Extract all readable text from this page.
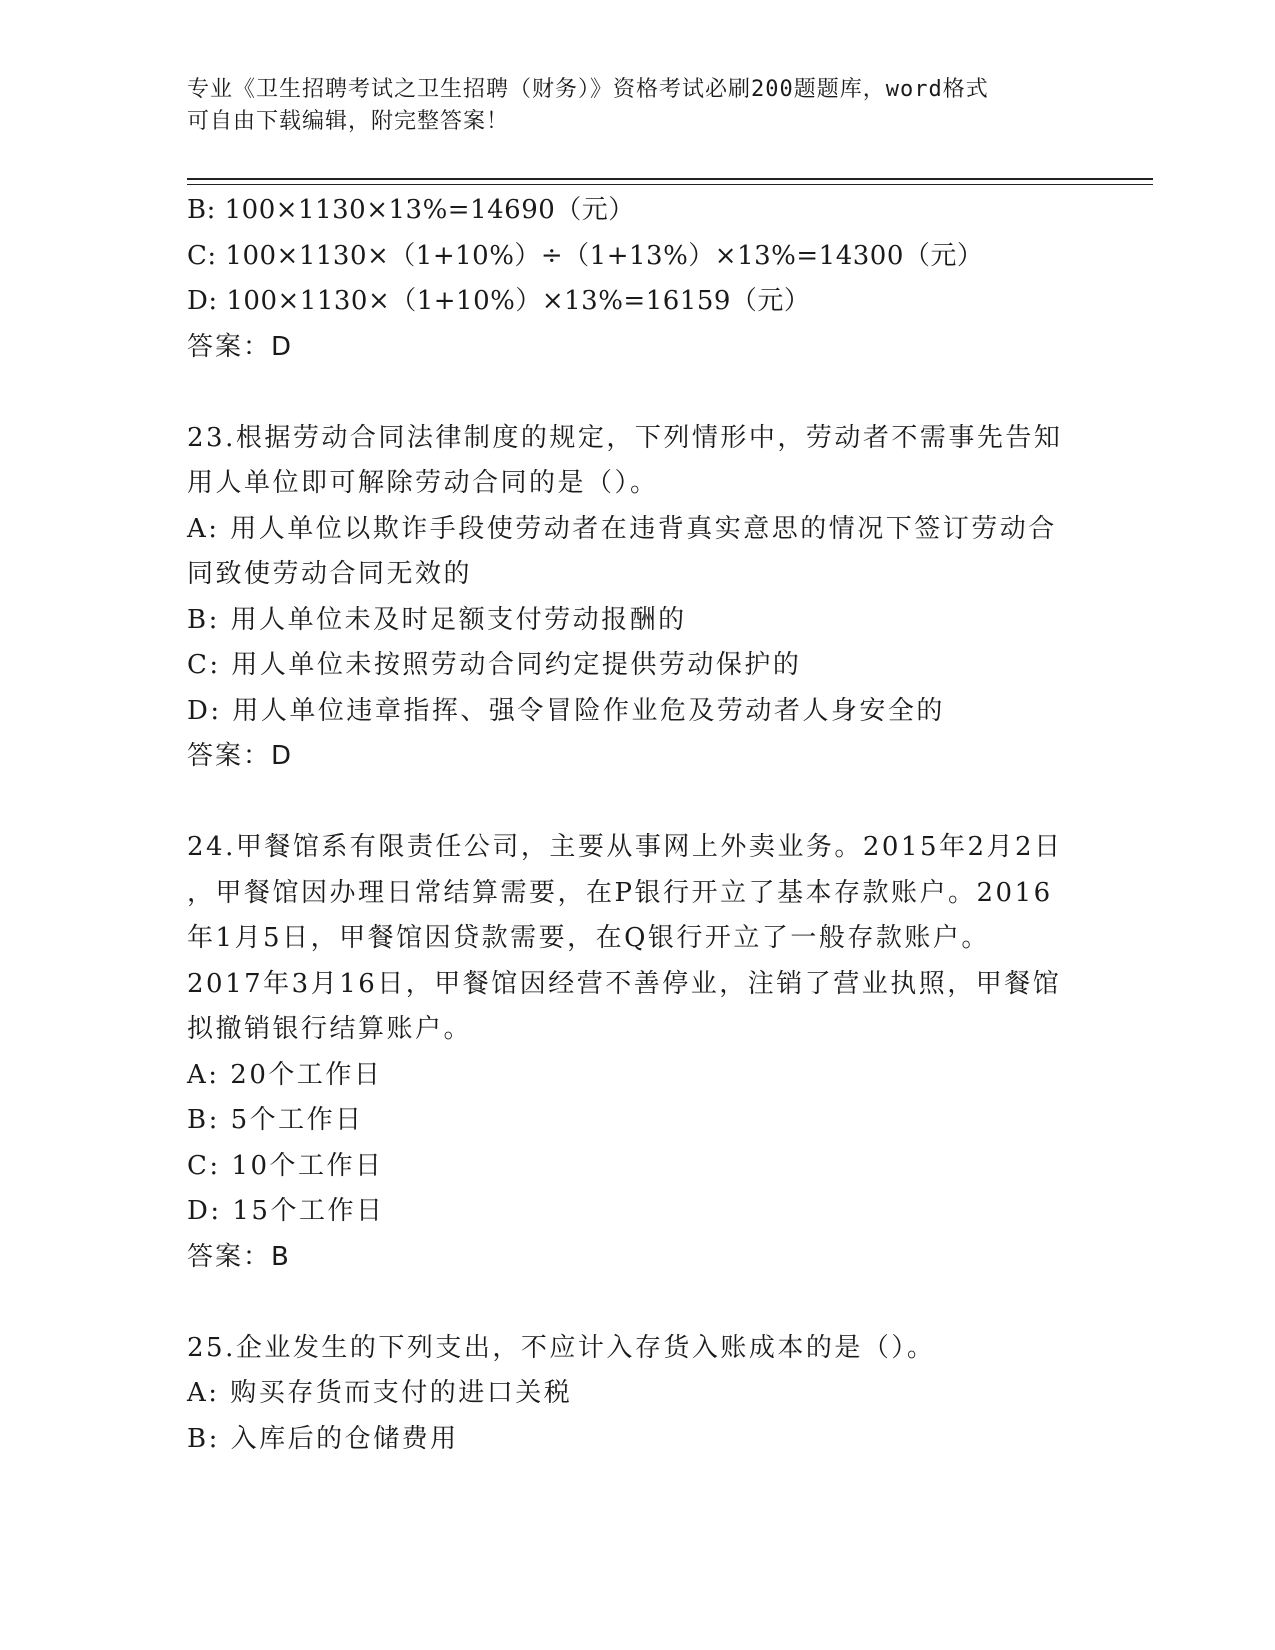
专业《卫生招聘考试之卫生招聘（财务）》资格考试必刷200题题库，word格式
可自由下载编辑，附完整答案！
B: 100×1130×13%=14690（元）
C: 100×1130×（1+10%）÷（1+13%）×13%=14300（元）
D: 100×1130×（1+10%）×13%=16159（元）
答案：D
23.根据劳动合同法律制度的规定，下列情形中，劳动者不需事先告知
用人单位即可解除劳动合同的是（）。
A: 用人单位以欺诈手段使劳动者在违背真实意思的情况下签订劳动合
同致使劳动合同无效的
B: 用人单位未及时足额支付劳动报酬的
C: 用人单位未按照劳动合同约定提供劳动保护的
D: 用人单位违章指挥、强令冒险作业危及劳动者人身安全的
答案：D
24.甲餐馆系有限责任公司，主要从事网上外卖业务。2015年2月2日
，甲餐馆因办理日常结算需要，在P银行开立了基本存款账户。2016
年1月5日，甲餐馆因贷款需要，在Q银行开立了一般存款账户。
2017年3月16日，甲餐馆因经营不善停业，注销了营业执照，甲餐馆
拟撤销银行结算账户。
A: 20个工作日
B: 5个工作日
C: 10个工作日
D: 15个工作日
答案：B
25.企业发生的下列支出，不应计入存货入账成本的是（）。
A: 购买存货而支付的进口关税
B: 入库后的仓储费用
